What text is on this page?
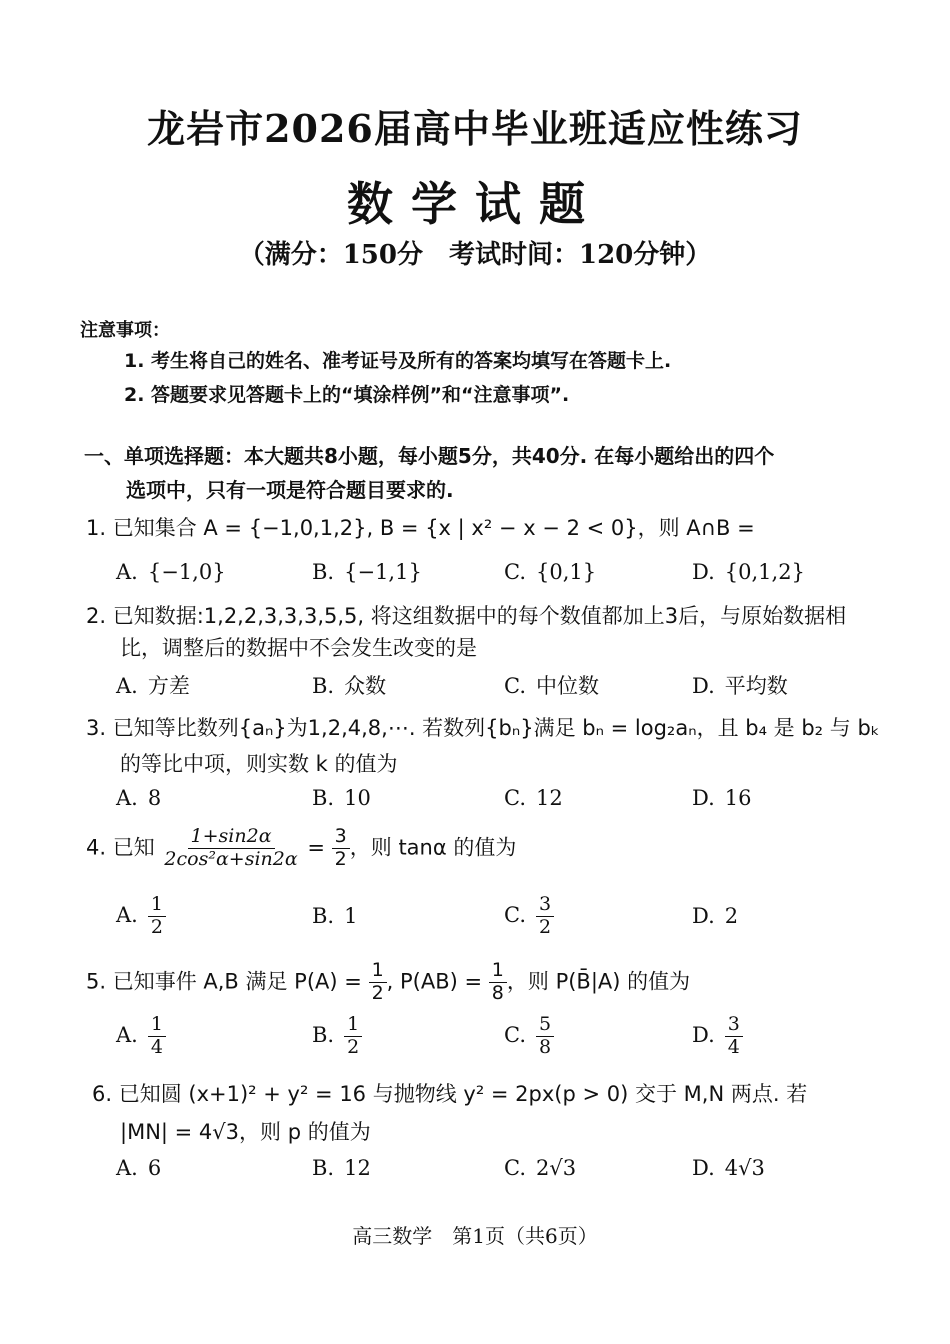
龙岩市2026届高中毕业班适应性练习
数学试题
（满分：150分　考试时间：120分钟）
注意事项：
1. 考生将自己的姓名、准考证号及所有的答案均填写在答题卡上.
2. 答题要求见答题卡上的“填涂样例”和“注意事项”.
一、单项选择题：本大题共8小题，每小题5分，共40分. 在每小题给出的四个
选项中，只有一项是符合题目要求的.
1. 已知集合 A = {−1,0,1,2}, B = {x | x² − x − 2 < 0}，则 A∩B =
A. {−1,0}	B. {−1,1}	C. {0,1}	D. {0,1,2}
2. 已知数据:1,2,2,3,3,3,5,5, 将这组数据中的每个数值都加上3后，与原始数据相
比，调整后的数据中不会发生改变的是
A. 方差	B. 众数	C. 中位数	D. 平均数
3. 已知等比数列{aₙ}为1,2,4,8,⋯. 若数列{bₙ}满足 bₙ = log₂aₙ，且 b₄ 是 b₂ 与 bₖ
的等比中项，则实数 k 的值为
A. 8	B. 10	C. 12	D. 16
4. 已知 $\frac{1+\sin 2\alpha}{\text{2cos²α+sin2α}} = \frac{3}{2}$ ，则 tanα 的值为
A. $\frac{1}{2}$	B. 1	C. $\frac{3}{2}$	D. 2
5. 已知事件 A,B 满足 $P(A) = \frac{1}{2}$ , $P(AB) = \frac{1}{8}$ ，则 P(B̄|A) 的值为
A. $\frac{1}{4}$	B. $\frac{1}{2}$	C. $\frac{5}{8}$	D. $\frac{3}{4}$
6. 已知圆 (x+1)² + y² = 16 与抛物线 y² = 2px(p > 0) 交于 M,N 两点. 若
|MN| = 4√3，则 p 的值为
A. 6	B. 12	C. 2√3	D. 4√3
高三数学　第1页（共6页）
